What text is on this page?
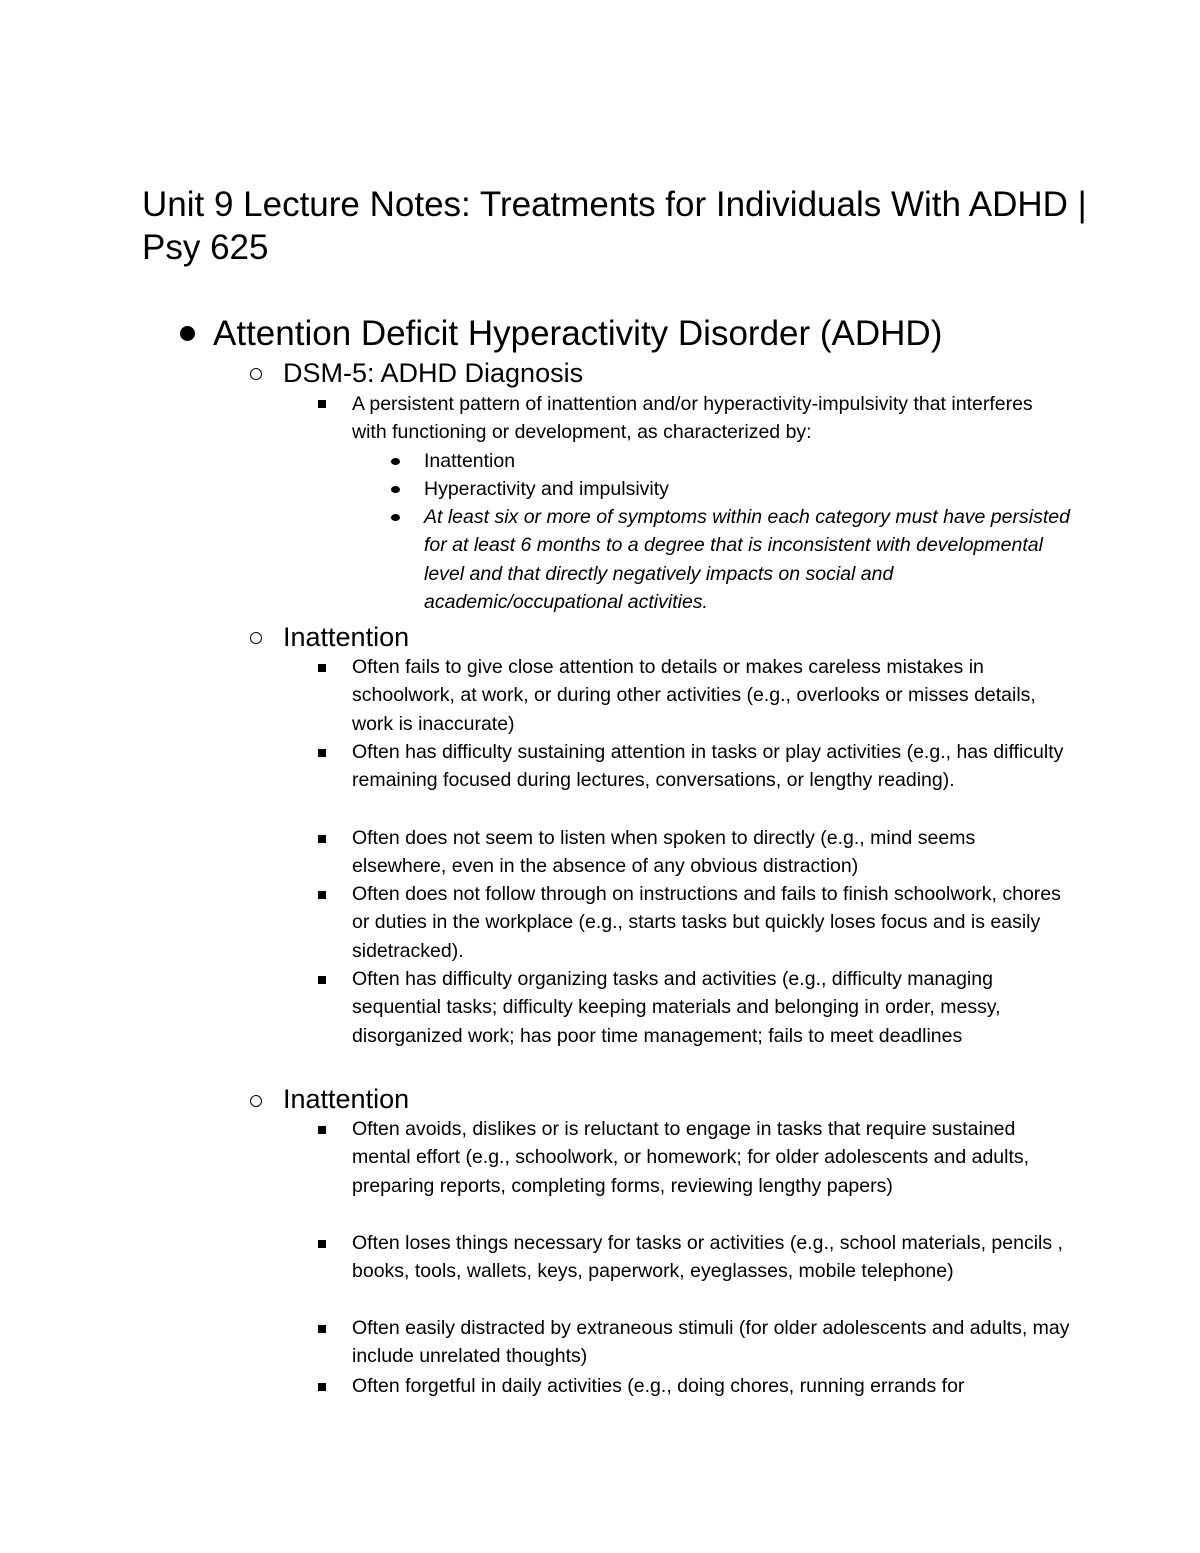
Unit 9 Lecture Notes: Treatments for Individuals With ADHD | Psy 625
Attention Deficit Hyperactivity Disorder (ADHD)
DSM-5: ADHD Diagnosis
A persistent pattern of inattention and/or hyperactivity-impulsivity that interferes with functioning or development, as characterized by:
Inattention
Hyperactivity and impulsivity
At least six or more of symptoms within each category must have persisted for at least 6 months to a degree that is inconsistent with developmental level and that directly negatively impacts on social and academic/occupational activities.
Inattention
Often fails to give close attention to details or makes careless mistakes in schoolwork, at work, or during other activities (e.g., overlooks or misses details, work is inaccurate)
Often has difficulty sustaining attention in tasks or play activities (e.g., has difficulty remaining focused during lectures, conversations, or lengthy reading).
Often does not seem to listen when spoken to directly (e.g., mind seems elsewhere, even in the absence of any obvious distraction)
Often does not follow through on instructions and fails to finish schoolwork, chores or duties in the workplace (e.g., starts tasks but quickly loses focus and is easily sidetracked).
Often has difficulty organizing tasks and activities (e.g., difficulty managing sequential tasks; difficulty keeping materials and belonging in order, messy, disorganized work; has poor time management; fails to meet deadlines
Inattention
Often avoids, dislikes or is reluctant to engage in tasks that require sustained mental effort (e.g., schoolwork, or homework; for older adolescents and adults, preparing reports, completing forms, reviewing lengthy papers)
Often loses things necessary for tasks or activities (e.g., school materials, pencils , books, tools, wallets, keys, paperwork, eyeglasses, mobile telephone)
Often easily distracted by extraneous stimuli (for older adolescents and adults, may include unrelated thoughts)
Often forgetful in daily activities (e.g., doing chores, running errands for
